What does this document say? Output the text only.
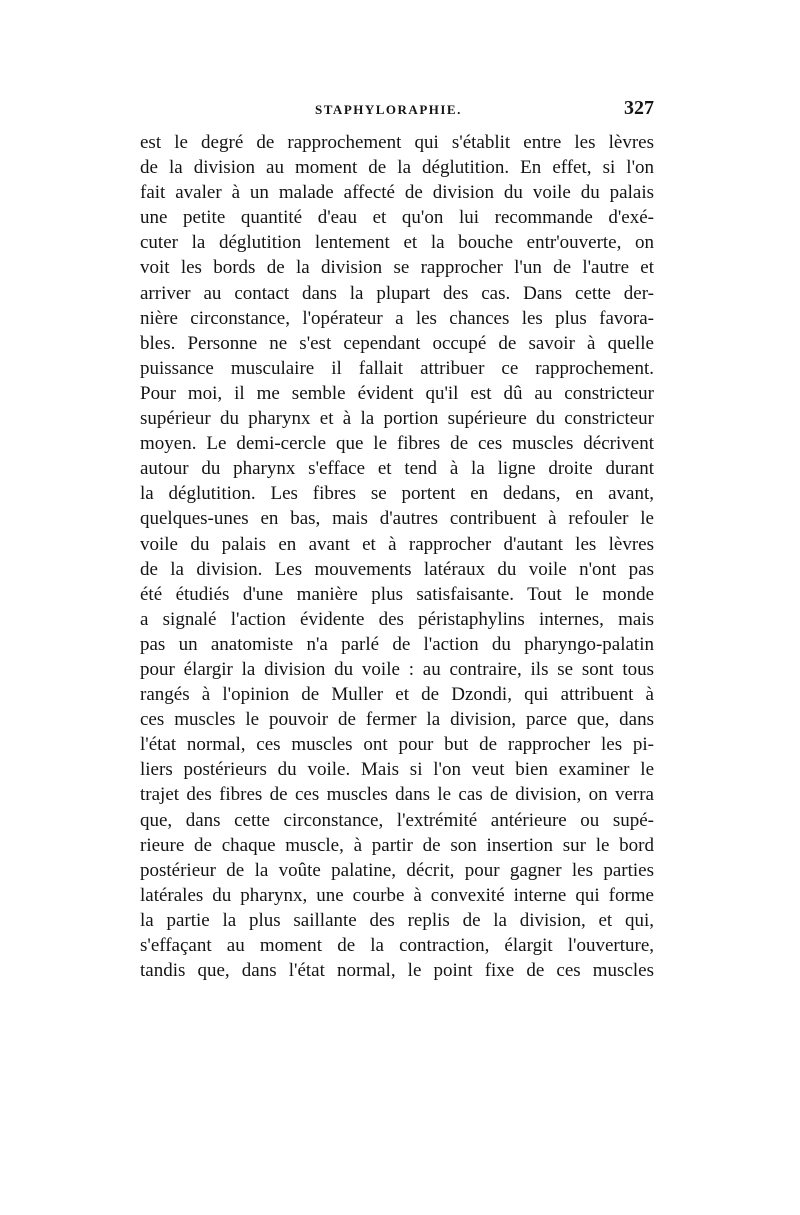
STAPHYLORAPHIE.	327
est le degré de rapprochement qui s'établit entre les lèvres
de la division au moment de la déglutition. En effet, si l'on
fait avaler à un malade affecté de division du voile du palais
une petite quantité d'eau et qu'on lui recommande d'exé-
cuter la déglutition lentement et la bouche entr'ouverte, on
voit les bords de la division se rapprocher l'un de l'autre et
arriver au contact dans la plupart des cas. Dans cette der-
nière circonstance, l'opérateur a les chances les plus favora-
bles. Personne ne s'est cependant occupé de savoir à quelle
puissance musculaire il fallait attribuer ce rapprochement.
Pour moi, il me semble évident qu'il est dû au constricteur
supérieur du pharynx et à la portion supérieure du constricteur
moyen. Le demi-cercle que le fibres de ces muscles décrivent
autour du pharynx s'efface et tend à la ligne droite durant
la déglutition. Les fibres se portent en dedans, en avant,
quelques-unes en bas, mais d'autres contribuent à refouler le
voile du palais en avant et à rapprocher d'autant les lèvres
de la division. Les mouvements latéraux du voile n'ont pas
été étudiés d'une manière plus satisfaisante. Tout le monde
a signalé l'action évidente des péristaphylins internes, mais
pas un anatomiste n'a parlé de l'action du pharyngo-palatin
pour élargir la division du voile : au contraire, ils se sont tous
rangés à l'opinion de Muller et de Dzondi, qui attribuent à
ces muscles le pouvoir de fermer la division, parce que, dans
l'état normal, ces muscles ont pour but de rapprocher les pi-
liers postérieurs du voile. Mais si l'on veut bien examiner le
trajet des fibres de ces muscles dans le cas de division, on verra
que, dans cette circonstance, l'extrémité antérieure ou supé-
rieure de chaque muscle, à partir de son insertion sur le bord
postérieur de la voûte palatine, décrit, pour gagner les parties
latérales du pharynx, une courbe à convexité interne qui forme
la partie la plus saillante des replis de la division, et qui,
s'effaçant au moment de la contraction, élargit l'ouverture,
tandis que, dans l'état normal, le point fixe de ces muscles
